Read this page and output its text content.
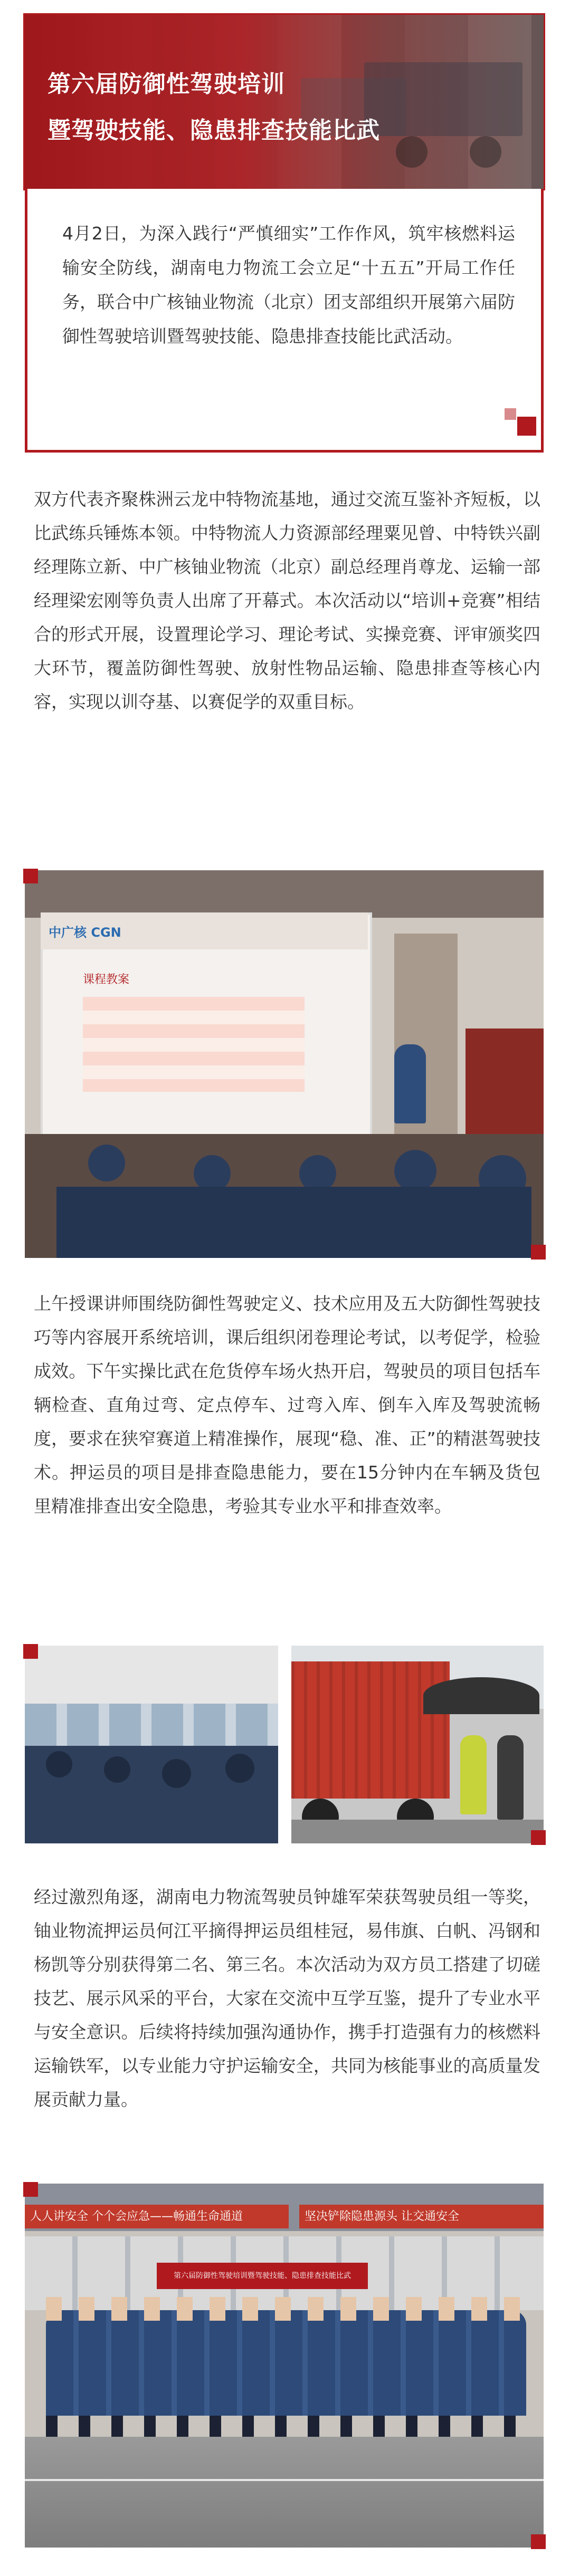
第六届防御性驾驶培训
暨驾驶技能、隐患排查技能比武
4月2日，为深入践行“严慎细实”工作作风，筑牢核燃料运输安全防线，湖南电力物流工会立足“十五五”开局工作任务，联合中广核铀业物流（北京）团支部组织开展第六届防御性驾驶培训暨驾驶技能、隐患排查技能比武活动。
双方代表齐聚株洲云龙中特物流基地，通过交流互鉴补齐短板，以比武练兵锤炼本领。中特物流人力资源部经理粟见曾、中特铁兴副经理陈立新、中广核铀业物流（北京）副总经理肖尊龙、运输一部经理梁宏刚等负责人出席了开幕式。本次活动以“培训+竞赛”相结合的形式开展，设置理论学习、理论考试、实操竞赛、评审颁奖四大环节，覆盖防御性驾驶、放射性物品运输、隐患排查等核心内容，实现以训夺基、以赛促学的双重目标。
中广核 CGN
课程教案
上午授课讲师围绕防御性驾驶定义、技术应用及五大防御性驾驶技巧等内容展开系统培训，课后组织闭卷理论考试，以考促学，检验成效。下午实操比武在危货停车场火热开启，驾驶员的项目包括车辆检查、直角过弯、定点停车、过弯入库、倒车入库及驾驶流畅度，要求在狭窄赛道上精准操作，展现“稳、准、正”的精湛驾驶技术。押运员的项目是排查隐患能力，要在15分钟内在车辆及货包里精准排查出安全隐患，考验其专业水平和排查效率。
经过激烈角逐，湖南电力物流驾驶员钟雄军荣获驾驶员组一等奖，铀业物流押运员何江平摘得押运员组桂冠，易伟旗、白帆、冯钢和杨凯等分别获得第二名、第三名。本次活动为双方员工搭建了切磋技艺、展示风采的平台，大家在交流中互学互鉴，提升了专业水平与安全意识。后续将持续加强沟通协作，携手打造强有力的核燃料运输铁军，以专业能力守护运输安全，共同为核能事业的高质量发展贡献力量。
人人讲安全 个个会应急——畅通生命通道	坚决铲除隐患源头 让交通安全
第六届防御性驾驶培训暨驾驶技能、隐患排查技能比武
